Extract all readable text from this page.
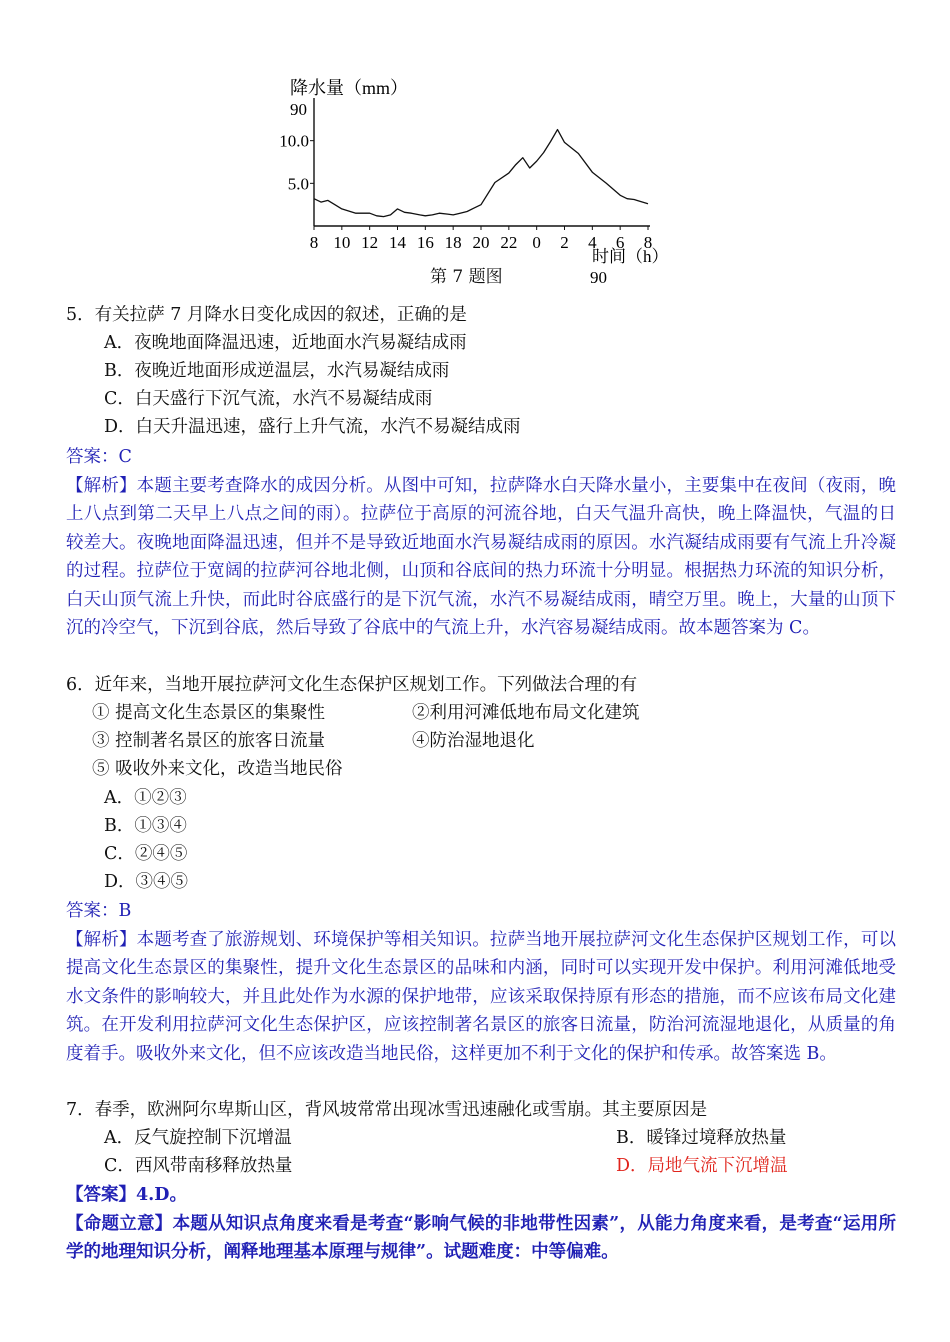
降水量（mm）
90
5.0
10.0
8 10 12 14 16 18 20 22 0 2 4 6 8
时间（h）
90
第 7 题图
5．有关拉萨 7 月降水日变化成因的叙述，正确的是
A．夜晚地面降温迅速，近地面水汽易凝结成雨
B．夜晚近地面形成逆温层，水汽易凝结成雨
C．白天盛行下沉气流，水汽不易凝结成雨
D．白天升温迅速，盛行上升气流，水汽不易凝结成雨
答案：C
【解析】本题主要考查降水的成因分析。从图中可知，拉萨降水白天降水量小，主要集中在夜间（夜雨，晚上八点到第二天早上八点之间的雨）。拉萨位于高原的河流谷地，白天气温升高快，晚上降温快，气温的日较差大。夜晚地面降温迅速，但并不是导致近地面水汽易凝结成雨的原因。水汽凝结成雨要有气流上升冷凝的过程。拉萨位于宽阔的拉萨河谷地北侧，山顶和谷底间的热力环流十分明显。根据热力环流的知识分析，白天山顶气流上升快，而此时谷底盛行的是下沉气流，水汽不易凝结成雨，晴空万里。晚上，大量的山顶下沉的冷空气，下沉到谷底，然后导致了谷底中的气流上升，水汽容易凝结成雨。故本题答案为 C。
6．近年来，当地开展拉萨河文化生态保护区规划工作。下列做法合理的有
① 提高文化生态景区的集聚性	②利用河滩低地布局文化建筑
③ 控制著名景区的旅客日流量	④防治湿地退化
⑤ 吸收外来文化，改造当地民俗
A．①②③
B．①③④
C．②④⑤
D．③④⑤
答案：B
【解析】本题考查了旅游规划、环境保护等相关知识。拉萨当地开展拉萨河文化生态保护区规划工作，可以提高文化生态景区的集聚性，提升文化生态景区的品味和内涵，同时可以实现开发中保护。利用河滩低地受水文条件的影响较大，并且此处作为水源的保护地带，应该采取保持原有形态的措施，而不应该布局文化建筑。在开发利用拉萨河文化生态保护区，应该控制著名景区的旅客日流量，防治河流湿地退化，从质量的角度着手。吸收外来文化，但不应该改造当地民俗，这样更加不利于文化的保护和传承。故答案选 B。
7．春季，欧洲阿尔卑斯山区，背风坡常常出现冰雪迅速融化或雪崩。其主要原因是
A．反气旋控制下沉增温	B．暖锋过境释放热量
C．西风带南移释放热量	D．局地气流下沉增温
【答案】4.D。
【命题立意】本题从知识点角度来看是考查“影响气候的非地带性因素”，从能力角度来看，是考查“运用所学的地理知识分析，阐释地理基本原理与规律”。试题难度：中等偏难。
